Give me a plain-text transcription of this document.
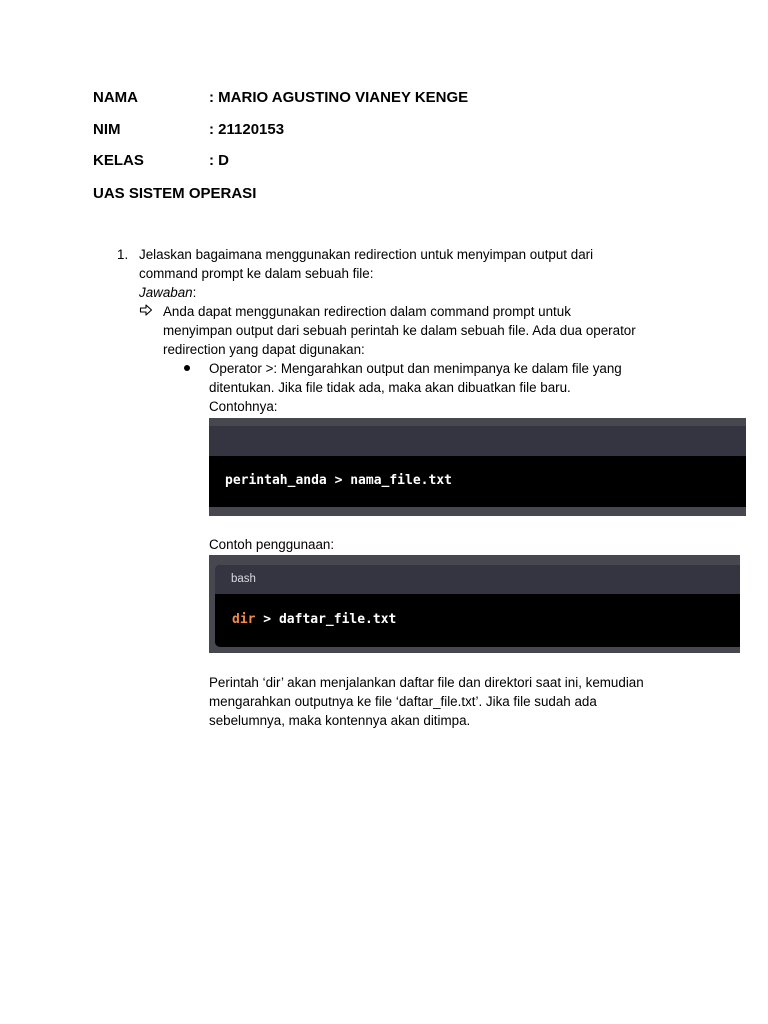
NAMA	: MARIO AGUSTINO VIANEY KENGE
NIM	: 21120153
KELAS	: D
UAS SISTEM OPERASI
1. Jelaskan bagaimana menggunakan redirection untuk menyimpan output dari
command prompt ke dalam sebuah file:
Jawaban:
Anda dapat menggunakan redirection dalam command prompt untuk
menyimpan output dari sebuah perintah ke dalam sebuah file. Ada dua operator
redirection yang dapat digunakan:
Operator >: Mengarahkan output dan menimpanya ke dalam file yang
ditentukan. Jika file tidak ada, maka akan dibuatkan file baru.
Contohnya:
perintah_anda > nama_file.txt
Contoh penggunaan:
bash
dir > daftar_file.txt
Perintah ‘dir’ akan menjalankan daftar file dan direktori saat ini, kemudian
mengarahkan outputnya ke file ‘daftar_file.txt’. Jika file sudah ada
sebelumnya, maka kontennya akan ditimpa.
